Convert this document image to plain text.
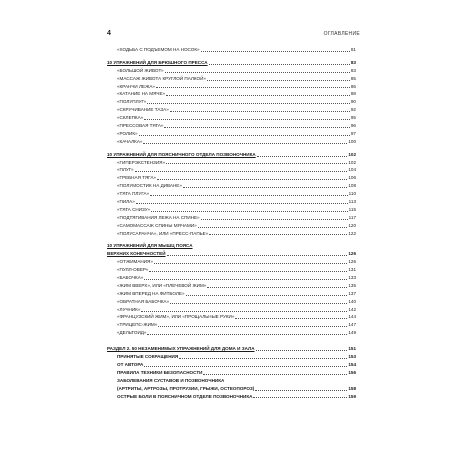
4	ОГЛАВЛЕНИЕ
«ХОДЬБА С ПОДЪЕМОМ НА НОСОК»	81
10 УПРАЖНЕНИЙ ДЛЯ БРЮШНОГО ПРЕССА	83
«БОЛЬШОЙ ЖИВОТ»	83
«МАССАЖ ЖИВОТА КРУГЛОЙ ПАЛКОЙ»	85
«КРАНЧИ ЛЕЖА»	86
«КАТАНИЕ НА МЯЧЕ»	88
«ПОЛУПЛУГ»	90
«СКРУЧИВАНИЕ ТАЗА»	92
«СКЛЕПКА»	95
«ПРЕССОВАЯ ТЯГА»	96
«РОЛИК»	97
«КАЧАЛКА»	100
10 УПРАЖНЕНИЙ ДЛЯ ПОЯСНИЧНОГО ОТДЕЛА ПОЗВОНОЧНИКА	102
«ГИПЕРЭКСТЕНЗИЯ»	102
«ПЛУГ»	104
«ГРЕБНАЯ ТЯГА»	106
«ПОЛУМОСТИК НА ДИВАНЕ»	108
«ТЯГА ПЛУГА»	110
«ПИЛА»	113
«ТЯГА СНИЗУ»	115
«ПОДТЯГИВАНИЯ ЛЕЖА НА СПИНЕ»	117
«САМОМАССАЖ СПИНЫ МЯЧАМИ»	120
«ПОЛУСАРАНЧА», ИЛИ «ПРЕСС-ПАПЬЕ»	122
10 УПРАЖНЕНИЙ ДЛЯ МЫШЦ ПОЯСА
ВЕРХНИХ КОНЕЧНОСТЕЙ	126
«ОТЖИМАНИЯ»	126
«ПУЛЛ-ОВЕР»	131
«БАБОЧКА»	133
«ЖИМ ВВЕРХ», ИЛИ «ПЛЕЧЕВОЙ ЖИМ»	135
«ЖИМ ВПЕРЕД НА ФИТБОЛЕ»	137
«ОБРАТНАЯ БАБОЧКА»	140
«ЛУЧНИК»	142
«ФРАНЦУЗСКИЙ ЖИМ», ИЛИ «ПРОЩАЛЬНЫЕ РУКИ»	144
«ТРИЦЕПС-ЖИМ»	147
«ДЕЛЬТОИД»	149
РАЗДЕЛ 2. 50 НЕЗАМЕНИМЫХ УПРАЖНЕНИЙ ДЛЯ ДОМА И ЗАЛА	151
ПРИНЯТЫЕ СОКРАЩЕНИЯ	153
ОТ АВТОРА	154
ПРАВИЛА ТЕХНИКИ БЕЗОПАСНОСТИ	156
ЗАБОЛЕВАНИЯ СУСТАВОВ И ПОЗВОНОЧНИКА
(АРТРИТЫ, АРТРОЗЫ, ПРОТРУЗИИ, ГРЫЖИ, ОСТЕОПОРОЗ)	158
ОСТРЫЕ БОЛИ В ПОЯСНИЧНОМ ОТДЕЛЕ ПОЗВОНОЧНИКА	159
